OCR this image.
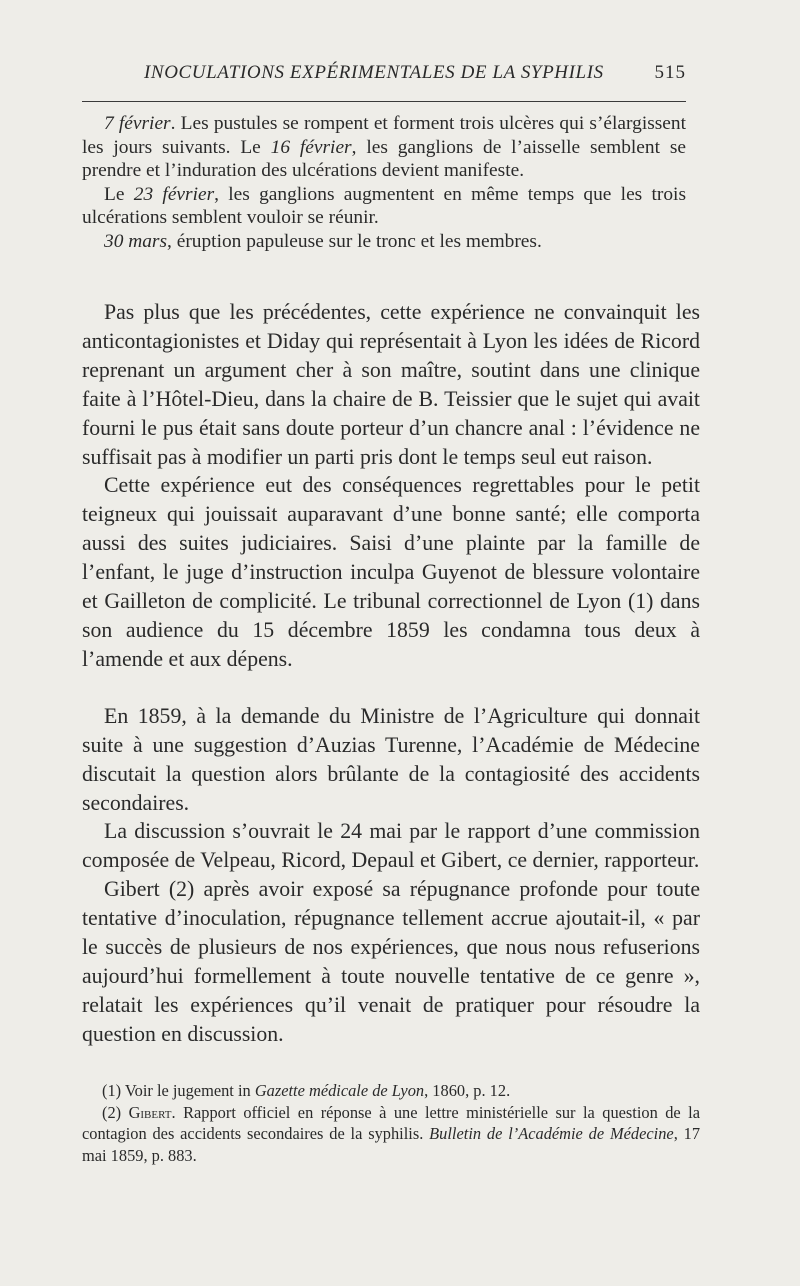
INOCULATIONS EXPÉRIMENTALES DE LA SYPHILIS	515

7 février. Les pustules se rompent et forment trois ulcères qui s’élargissent les jours suivants. Le 16 février, les ganglions de l’aisselle semblent se prendre et l’induration des ulcérations devient manifeste.

Le 23 février, les ganglions augmentent en même temps que les trois ulcérations semblent vouloir se réunir.

30 mars, éruption papuleuse sur le tronc et les membres.

Pas plus que les précédentes, cette expérience ne convainquit les anticontagionistes et Diday qui représentait à Lyon les idées de Ricord reprenant un argument cher à son maître, soutint dans une clinique faite à l’Hôtel-Dieu, dans la chaire de B. Teissier que le sujet qui avait fourni le pus était sans doute porteur d’un chancre anal : l’évidence ne suffisait pas à modifier un parti pris dont le temps seul eut raison.

Cette expérience eut des conséquences regrettables pour le petit teigneux qui jouissait auparavant d’une bonne santé; elle comporta aussi des suites judiciaires. Saisi d’une plainte par la famille de l’enfant, le juge d’instruction inculpa Guyenot de blessure volontaire et Gailleton de complicité. Le tribunal correctionnel de Lyon (1) dans son audience du 15 décembre 1859 les condamna tous deux à l’amende et aux dépens.

En 1859, à la demande du Ministre de l’Agriculture qui donnait suite à une suggestion d’Auzias Turenne, l’Académie de Médecine discutait la question alors brûlante de la contagiosité des accidents secondaires.

La discussion s’ouvrait le 24 mai par le rapport d’une commission composée de Velpeau, Ricord, Depaul et Gibert, ce dernier, rapporteur.

Gibert (2) après avoir exposé sa répugnance profonde pour toute tentative d’inoculation, répugnance tellement accrue ajoutait-il, « par le succès de plusieurs de nos expériences, que nous nous refuserions aujourd’hui formellement à toute nouvelle tentative de ce genre », relatait les expériences qu’il venait de pratiquer pour résoudre la question en discussion.

(1) Voir le jugement in Gazette médicale de Lyon, 1860, p. 12.

(2) Gibert. Rapport officiel en réponse à une lettre ministérielle sur la question de la contagion des accidents secondaires de la syphilis. Bulletin de l’Académie de Médecine, 17 mai 1859, p. 883.
